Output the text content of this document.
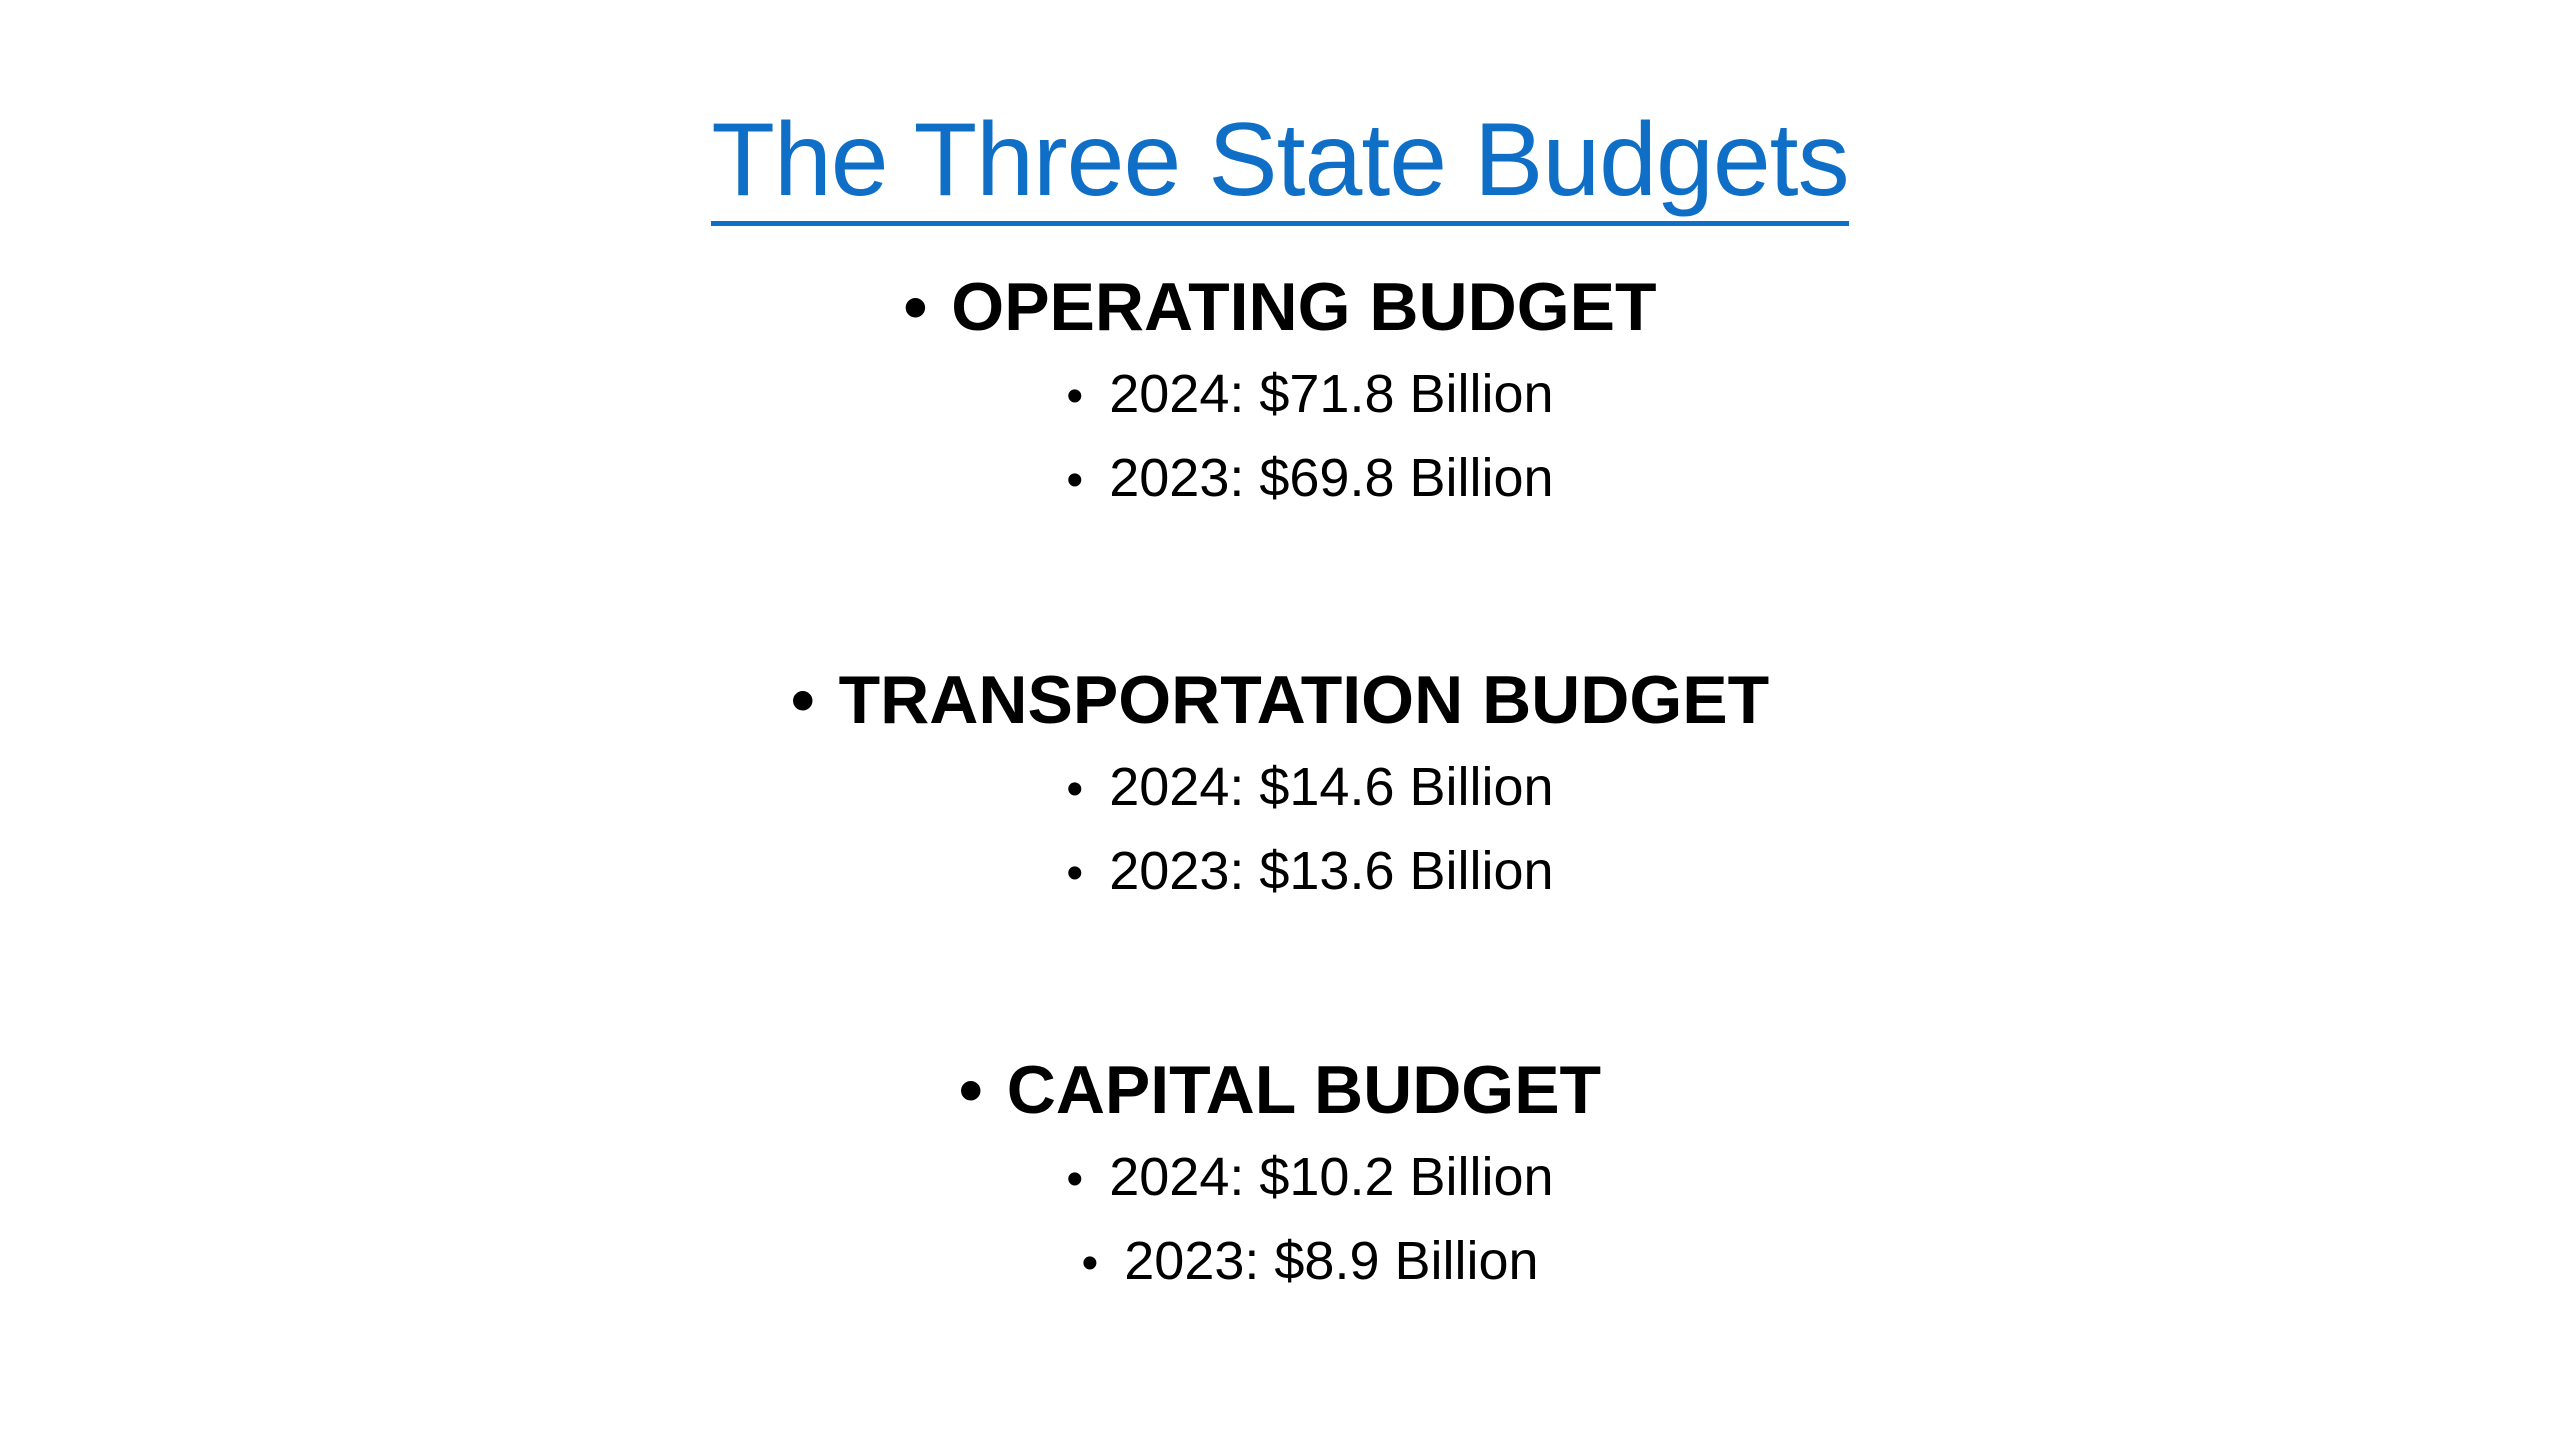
The Three State Budgets
• OPERATING BUDGET
• 2024: $71.8 Billion
• 2023: $69.8 Billion
• TRANSPORTATION BUDGET
• 2024: $14.6 Billion
• 2023: $13.6 Billion
• CAPITAL BUDGET
• 2024: $10.2 Billion
• 2023: $8.9 Billion
